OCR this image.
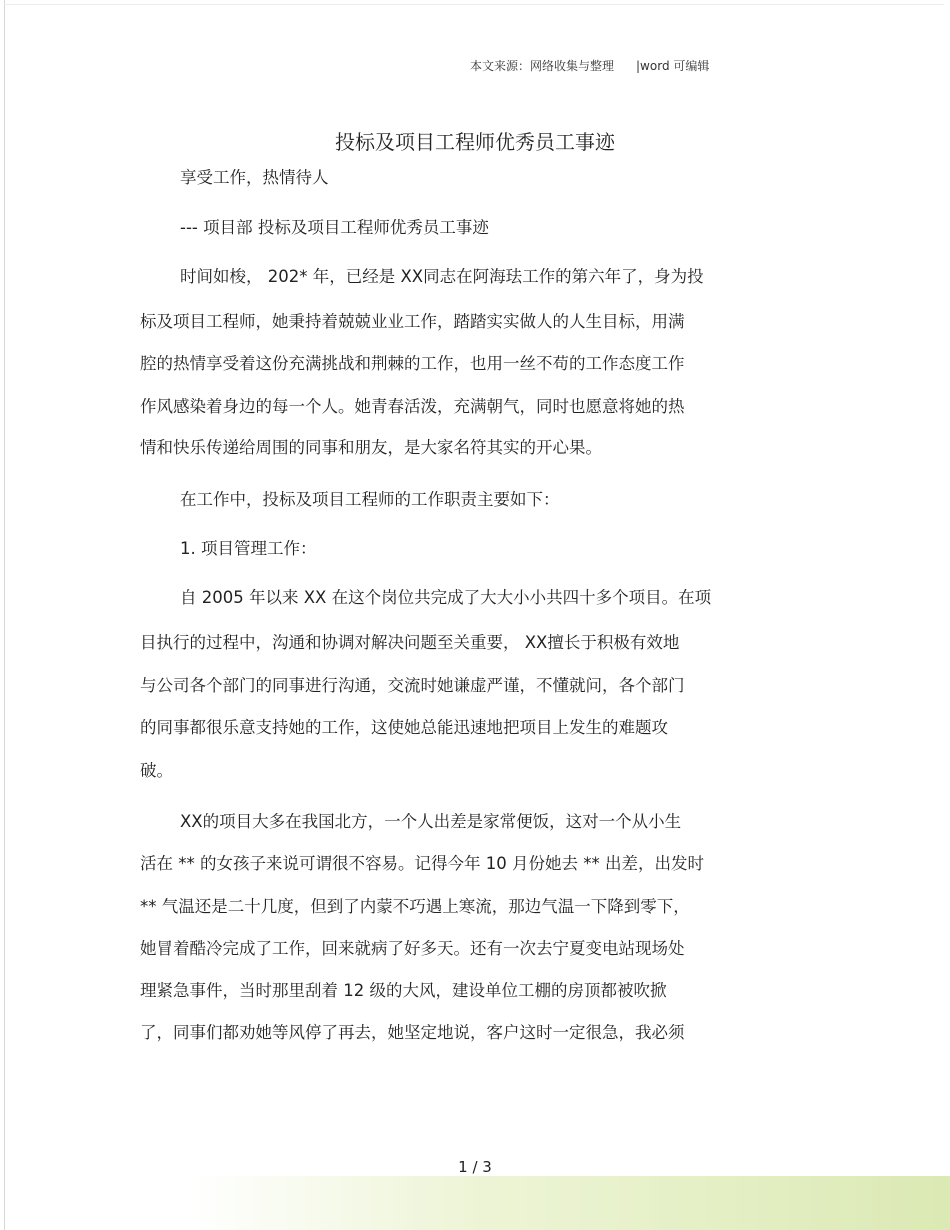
本文来源：网络收集与整理 |word 可编辑
投标及项目工程师优秀员工事迹
享受工作，热情待人
--- 项目部 投标及项目工程师优秀员工事迹
时间如梭， 202* 年，已经是 XX同志在阿海珐工作的第六年了，身为投
标及项目工程师，她秉持着兢兢业业工作，踏踏实实做人的人生目标，用满
腔的热情享受着这份充满挑战和荆棘的工作，也用一丝不苟的工作态度工作
作风感染着身边的每一个人。她青春活泼，充满朝气，同时也愿意将她的热
情和快乐传递给周围的同事和朋友，是大家名符其实的开心果。
在工作中，投标及项目工程师的工作职责主要如下：
1. 项目管理工作：
自 2005 年以来 XX 在这个岗位共完成了大大小小共四十多个项目。在项
目执行的过程中，沟通和协调对解决问题至关重要， XX擅长于积极有效地
与公司各个部门的同事进行沟通，交流时她谦虚严谨，不懂就问，各个部门
的同事都很乐意支持她的工作，这使她总能迅速地把项目上发生的难题攻
破。
XX的项目大多在我国北方，一个人出差是家常便饭，这对一个从小生
活在 ** 的女孩子来说可谓很不容易。记得今年 10 月份她去 ** 出差，出发时
** 气温还是二十几度，但到了内蒙不巧遇上寒流，那边气温一下降到零下，
她冒着酷冷完成了工作，回来就病了好多天。还有一次去宁夏变电站现场处
理紧急事件，当时那里刮着 12 级的大风，建设单位工棚的房顶都被吹掀
了，同事们都劝她等风停了再去，她坚定地说，客户这时一定很急，我必须
1 / 3
